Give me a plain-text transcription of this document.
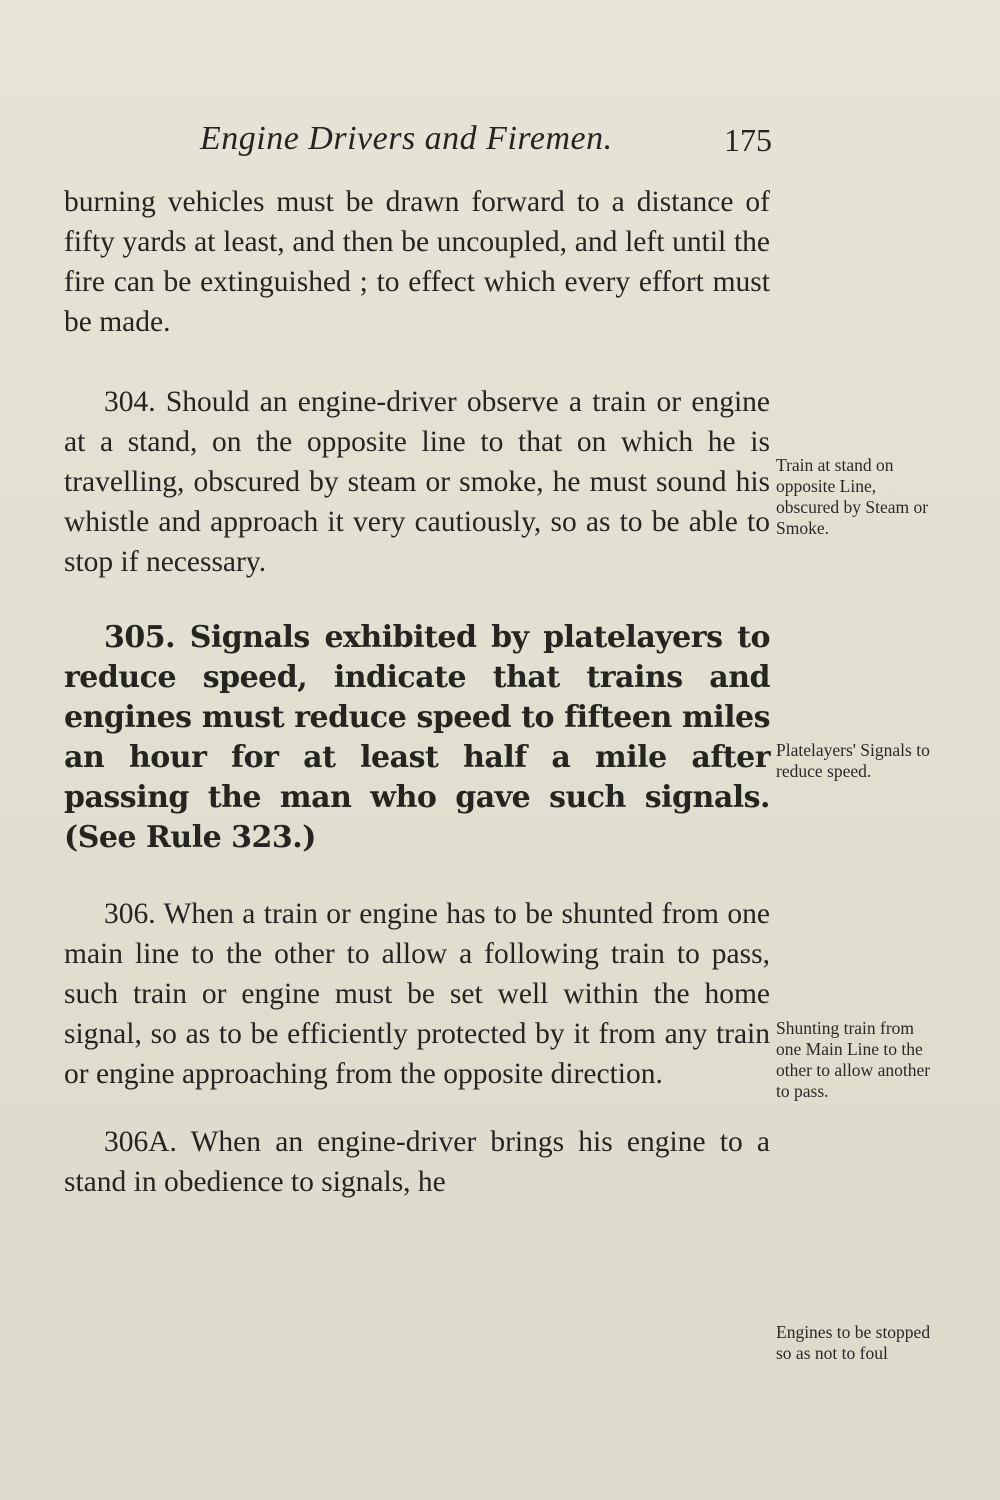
Engine Drivers and Firemen.	175

burning vehicles must be drawn forward to a distance of fifty yards at least, and then be uncoupled, and left until the fire can be extinguished ; to effect which every effort must be made.

304. Should an engine-driver observe a train or engine at a stand, on the opposite line to that on which he is travelling, obscured by steam or smoke, he must sound his whistle and approach it very cautiously, so as to be able to stop if necessary.

305. Signals exhibited by platelayers to reduce speed, indicate that trains and engines must reduce speed to fifteen miles an hour for at least half a mile after passing the man who gave such signals. (See Rule 323.)

306. When a train or engine has to be shunted from one main line to the other to allow a following train to pass, such train or engine must be set well within the home signal, so as to be efficiently protected by it from any train or engine approaching from the opposite direction.

306A. When an engine-driver brings his engine to a stand in obedience to signals, he

Train at stand on opposite Line, obscured by Steam or Smoke.
Platelayers' Signals to reduce speed.
Shunting train from one Main Line to the other to allow another to pass.
Engines to be stopped so as not to foul
